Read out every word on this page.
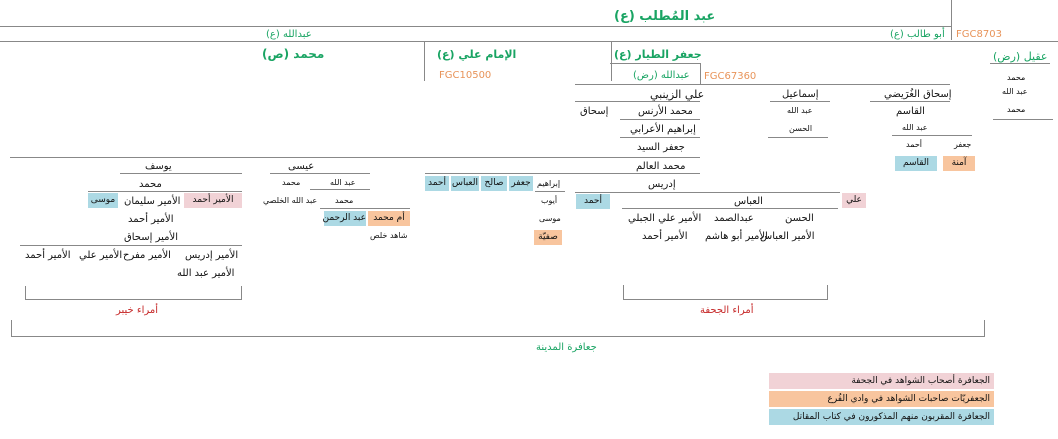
عبد المُطلب (ع)
FGC8703
أبو طالب (ع)
عبدالله (ع)
عقيل (رض)
محمد
عبد الله
محمد
محمد (ص)	الإمام علي (ع)
FGC10500
جعفر الطيار (ع)
عبدالله (رض) FGC67360
علي الزينبي
إسحاق	محمد الأرنس
إبراهيم الأعرابي
جعفر السيد
محمد العالم
إدريس
إسماعيل
عبد الله
الحسن
إسحاق الغُرَيضي
القاسم
عبد الله
جعفر
أحمد
آمنة
القاسم
أحمد العباس صالح جعفر إبراهيم
أيوب
موسى
صفيّة
أحمد	علي
العباس
الحسن
عبدالصمد
الأمير علي الجبلي
الأمير العباس
الأمير أبو هاشم
الأمير أحمد
عيسى
عبد الله
محمد
عبد الله الخلصي محمد
عبد الرحمن أم محمد
شاهد خلص
يوسف
محمد
الأمير أحمد
الأمير سليمان
موسى
الأمير أحمد
الأمير إسحاق
الأمير إدريس
الأمير مفرح
الأمير علي
الأمير أحمد
الأمير عبد الله
أمراء خيبر	أمراء الجحفة
جعافرة المدينة
الجعافرة أصحاب الشواهد في الجحفة
الجعفريّات صاحبات الشواهد في وادي الفُرع
الجعافرة المقربون منهم المذكورون في كتاب المقاتل
